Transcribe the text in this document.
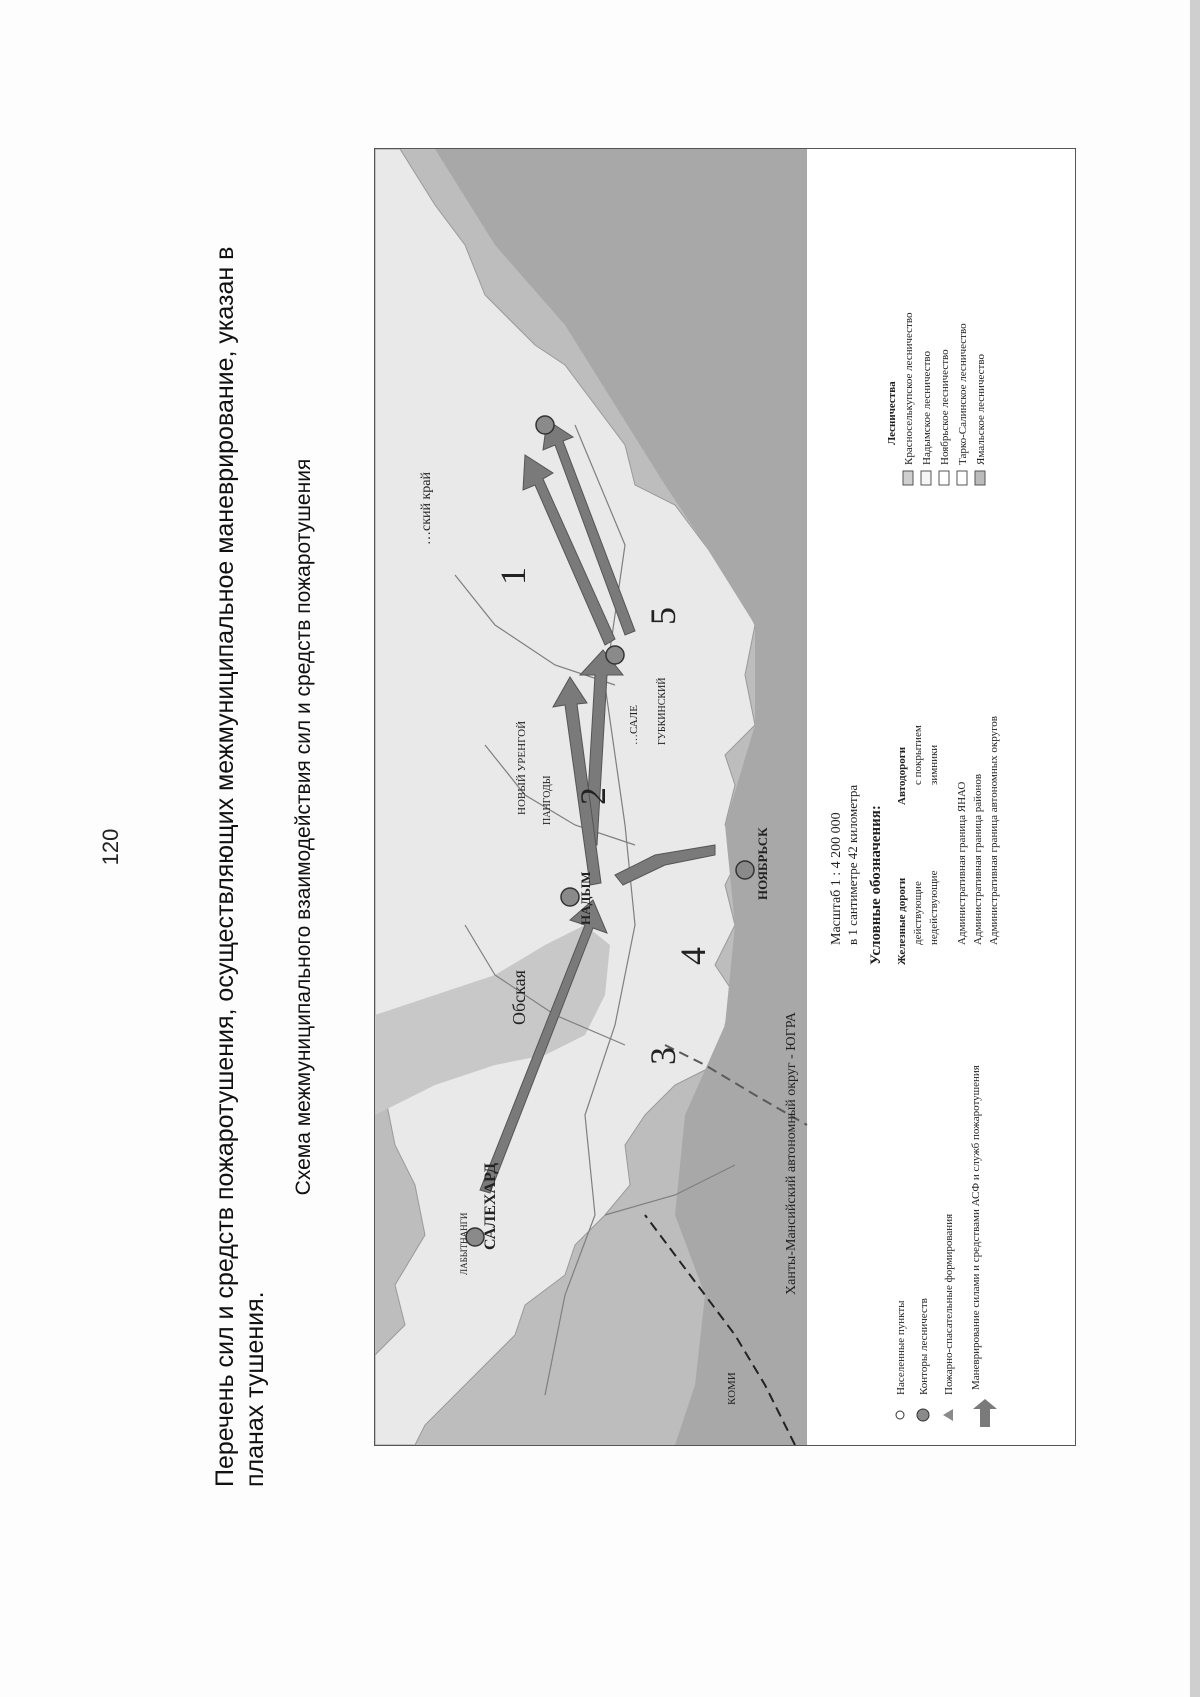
120	Перечень сил и средств пожаротушения, осуществляющих межмуниципальное маневрирование, указан в планах тушения.
Схема межмуниципального взаимодействия сил и средств пожаротушения
САЛЕХАРД
НАДЫМ	НОЯБРЬСК
…САЛЕ
НОВЫЙ УРЕНГОЙ ПАНГОДЫ
ГУБКИНСКИЙ
ЛАБЫТНАНГИ
…ский край
Обская
Ханты-Мансийский автономный округ - ЮГРА
КОМИ
1
2
3
4
5
Масштаб 1 : 4 200 000 в 1 сантиметре 42 километра Условные обозначения:
Населенные пункты Конторы лесничеств Пожарно-спасательные формирования Маневрирование силами и средствами АСФ и служб пожаротушения
Железные дороги действующие недействующие
Автодороги с покрытием зимники
Административная граница ЯНАО Административная граница районов Административная граница автономных округов
Лесничества Красноселькупское лесничество Надымское лесничество Ноябрьское лесничество Тарко-Салинское лесничество Ямальское лесничество
